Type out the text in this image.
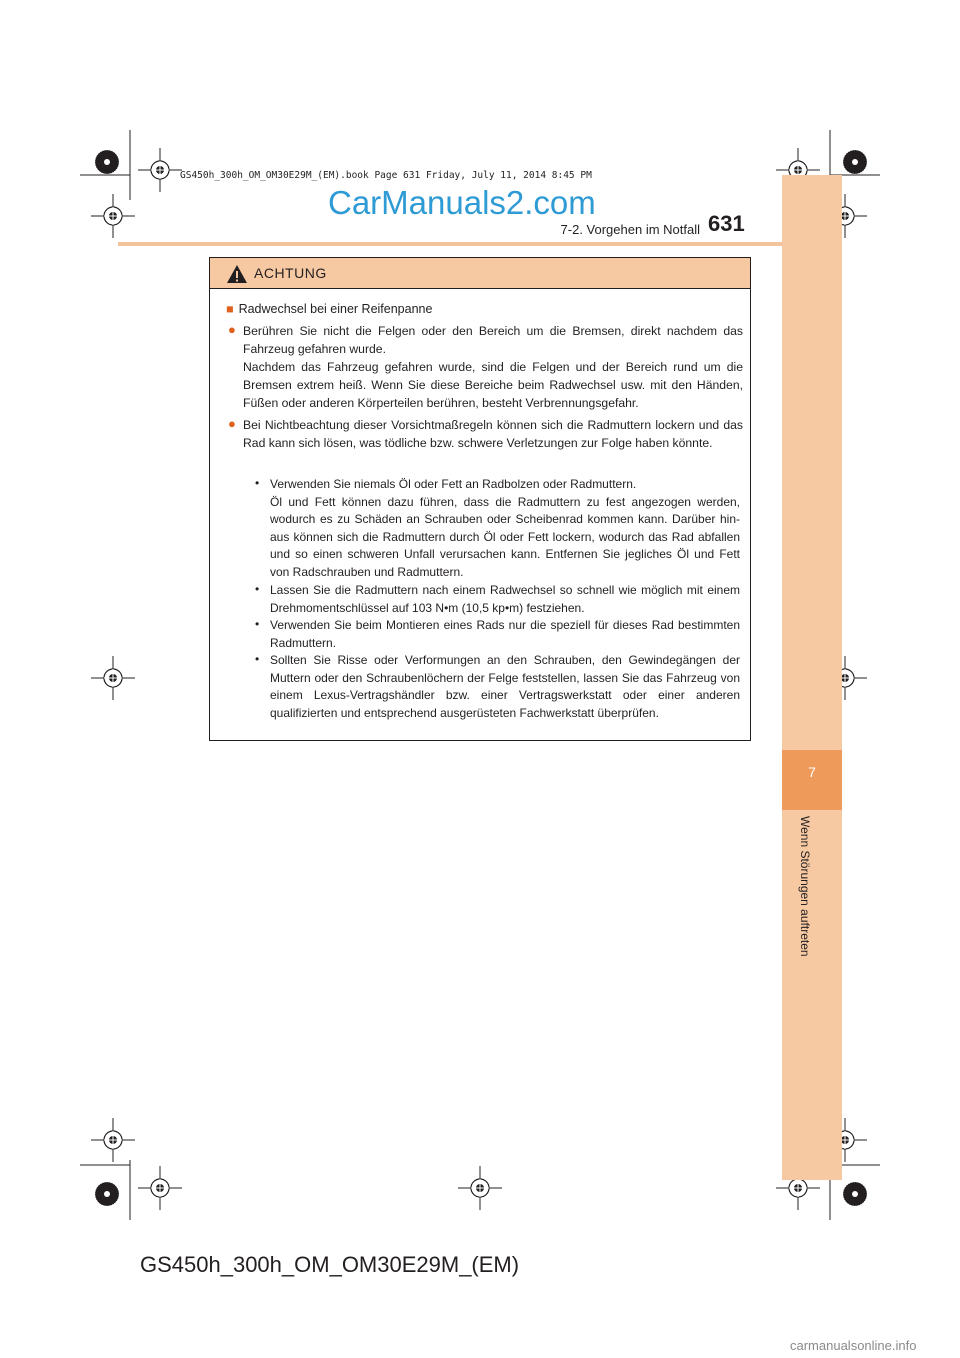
7
Wenn Störungen auftreten
GS450h_300h_OM_OM30E29M_(EM).book Page 631 Friday, July 11, 2014 8:45 PM
CarManuals2.com
7-2. Vorgehen im Notfall 631
ACHTUNG
■ Radwechsel bei einer Reifenpanne
● Berühren Sie nicht die Felgen oder den Bereich um die Bremsen, direkt nachdem das Fahrzeug gefahren wurde.
Nachdem das Fahrzeug gefahren wurde, sind die Felgen und der Bereich rund um die Bremsen extrem heiß. Wenn Sie diese Bereiche beim Radwechsel usw. mit den Händen, Füßen oder anderen Körperteilen berühren, besteht Verbrennungsgefahr.
● Bei Nichtbeachtung dieser Vorsichtmaßregeln können sich die Radmuttern lockern und das Rad kann sich lösen, was tödliche bzw. schwere Verletzungen zur Folge haben könnte.
• Verwenden Sie niemals Öl oder Fett an Radbolzen oder Radmuttern.
Öl und Fett können dazu führen, dass die Radmuttern zu fest angezogen werden, wodurch es zu Schäden an Schrauben oder Scheibenrad kommen kann. Darüber hin-aus können sich die Radmuttern durch Öl oder Fett lockern, wodurch das Rad abfallen und so einen schweren Unfall verursachen kann. Entfernen Sie jegliches Öl und Fett von Radschrauben und Radmuttern.
• Lassen Sie die Radmuttern nach einem Radwechsel so schnell wie möglich mit einem Drehmomentschlüssel auf 103 N•m (10,5 kp•m) festziehen.
• Verwenden Sie beim Montieren eines Rads nur die speziell für dieses Rad bestimmten Radmuttern.
• Sollten Sie Risse oder Verformungen an den Schrauben, den Gewindegängen der Muttern oder den Schraubenlöchern der Felge feststellen, lassen Sie das Fahrzeug von einem Lexus-Vertragshändler bzw. einer Vertragswerkstatt oder einer anderen qualifizierten und entsprechend ausgerüsteten Fachwerkstatt überprüfen.
GS450h_300h_OM_OM30E29M_(EM)
carmanualsonline.info
